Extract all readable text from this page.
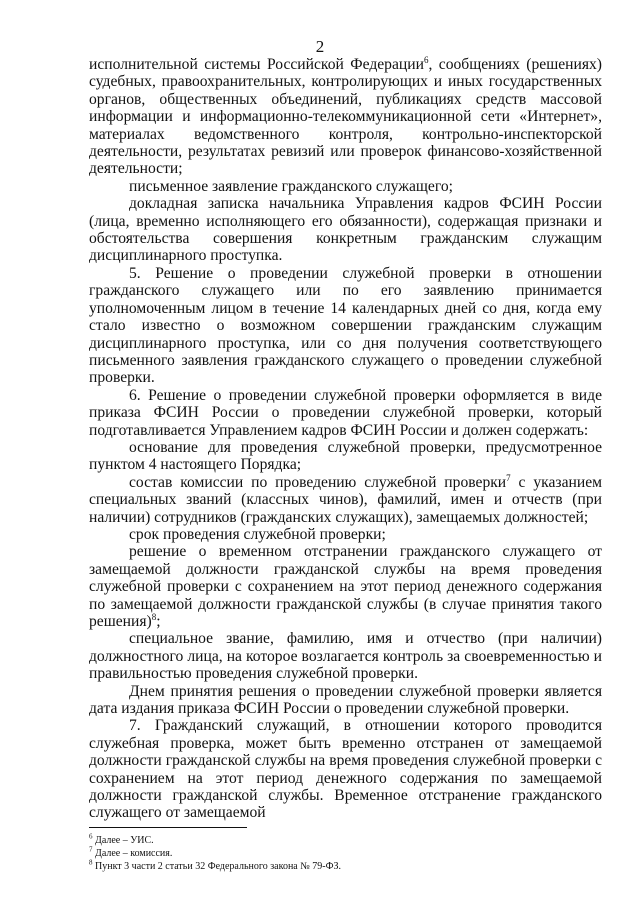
2

исполнительной системы Российской Федерации$^6$, сообщениях (решениях) судебных, правоохранительных, контролирующих и иных государственных органов, общественных объединений, публикациях средств массовой информации и информационно-телекоммуникационной сети «Интернет», материалах ведомственного контроля, контрольно-инспекторской деятельности, результатах ревизий или проверок финансово-хозяйственной деятельности;

письменное заявление гражданского служащего;

докладная записка начальника Управления кадров ФСИН России (лица, временно исполняющего его обязанности), содержащая признаки и обстоятельства совершения конкретным гражданским служащим дисциплинарного проступка.

5. Решение о проведении служебной проверки в отношении гражданского служащего или по его заявлению принимается уполномоченным лицом в течение 14 календарных дней со дня, когда ему стало известно о возможном совершении гражданским служащим дисциплинарного проступка, или со дня получения соответствующего письменного заявления гражданского служащего о проведении служебной проверки.

6. Решение о проведении служебной проверки оформляется в виде приказа ФСИН России о проведении служебной проверки, который подготавливается Управлением кадров ФСИН России и должен содержать:

основание для проведения служебной проверки, предусмотренное пунктом 4 настоящего Порядка;

состав комиссии по проведению служебной проверки$^7$ с указанием специальных званий (классных чинов), фамилий, имен и отчеств (при наличии) сотрудников (гражданских служащих), замещаемых должностей;

срок проведения служебной проверки;

решение о временном отстранении гражданского служащего от замещаемой должности гражданской службы на время проведения служебной проверки с сохранением на этот период денежного содержания по замещаемой должности гражданской службы (в случае принятия такого решения)$^8$;

специальное звание, фамилию, имя и отчество (при наличии) должностного лица, на которое возлагается контроль за своевременностью и правильностью проведения служебной проверки.

Днем принятия решения о проведении служебной проверки является дата издания приказа ФСИН России о проведении служебной проверки.

7. Гражданский служащий, в отношении которого проводится служебная проверка, может быть временно отстранен от замещаемой должности гражданской службы на время проведения служебной проверки с сохранением на этот период денежного содержания по замещаемой должности гражданской службы. Временное отстранение гражданского служащего от замещаемой

$^6$ Далее – УИС.
$^7$ Далее – комиссия.
$^8$ Пункт 3 части 2 статьи 32 Федерального закона № 79-ФЗ.
